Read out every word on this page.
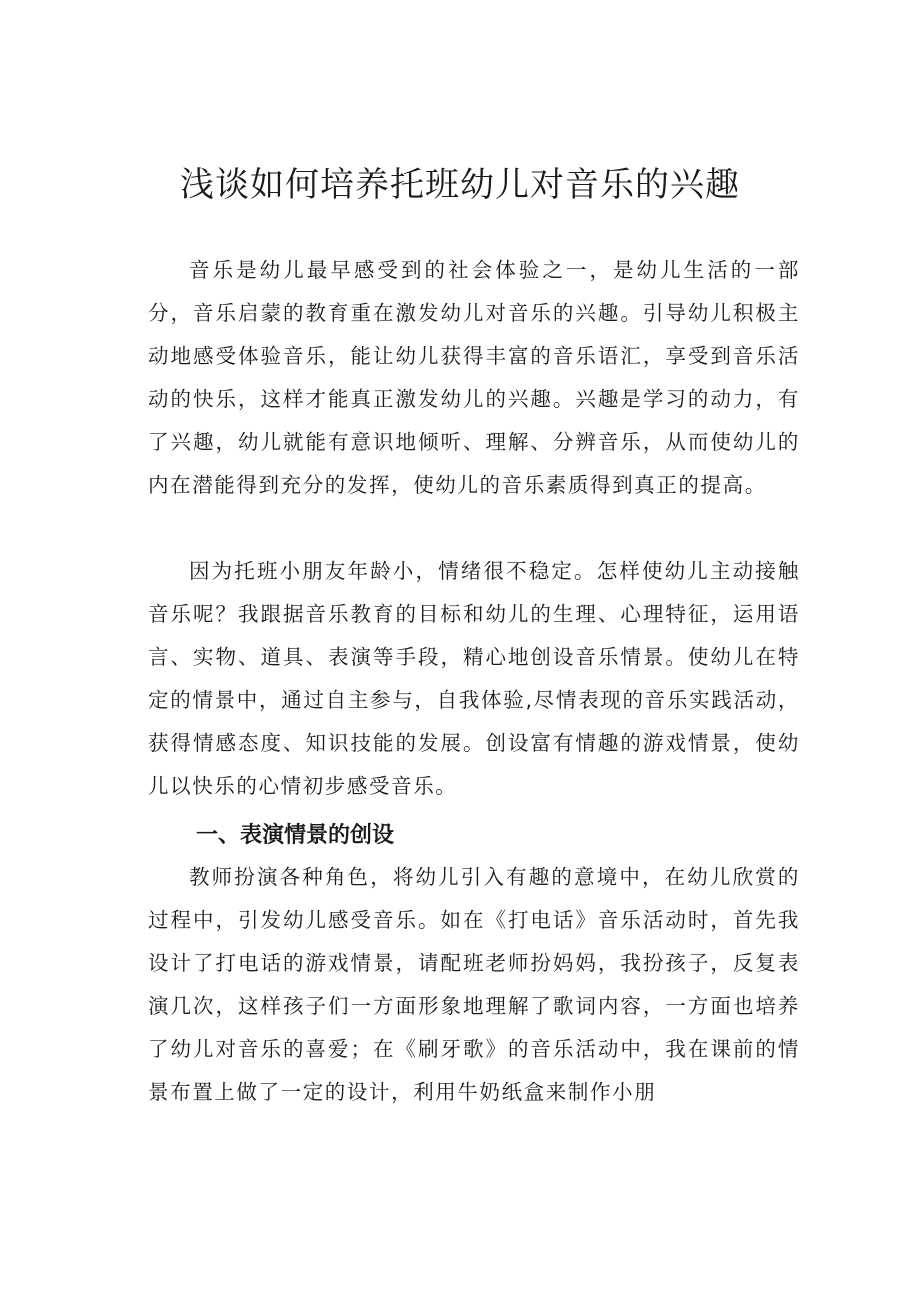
浅谈如何培养托班幼儿对音乐的兴趣

音乐是幼儿最早感受到的社会体验之一，是幼儿生活的一部分，音乐启蒙的教育重在激发幼儿对音乐的兴趣。引导幼儿积极主动地感受体验音乐，能让幼儿获得丰富的音乐语汇，享受到音乐活动的快乐，这样才能真正激发幼儿的兴趣。兴趣是学习的动力，有了兴趣，幼儿就能有意识地倾听、理解、分辨音乐，从而使幼儿的内在潜能得到充分的发挥，使幼儿的音乐素质得到真正的提高。

因为托班小朋友年龄小，情绪很不稳定。怎样使幼儿主动接触音乐呢？我跟据音乐教育的目标和幼儿的生理、心理特征，运用语言、实物、道具、表演等手段，精心地创设音乐情景。使幼儿在特定的情景中，通过自主参与，自我体验,尽情表现的音乐实践活动，获得情感态度、知识技能的发展。创设富有情趣的游戏情景，使幼儿以快乐的心情初步感受音乐。

一、表演情景的创设

教师扮演各种角色，将幼儿引入有趣的意境中，在幼儿欣赏的过程中，引发幼儿感受音乐。如在《打电话》音乐活动时，首先我设计了打电话的游戏情景，请配班老师扮妈妈，我扮孩子，反复表演几次，这样孩子们一方面形象地理解了歌词内容，一方面也培养了幼儿对音乐的喜爱；在《刷牙歌》的音乐活动中，我在课前的情景布置上做了一定的设计，利用牛奶纸盒来制作小朋
